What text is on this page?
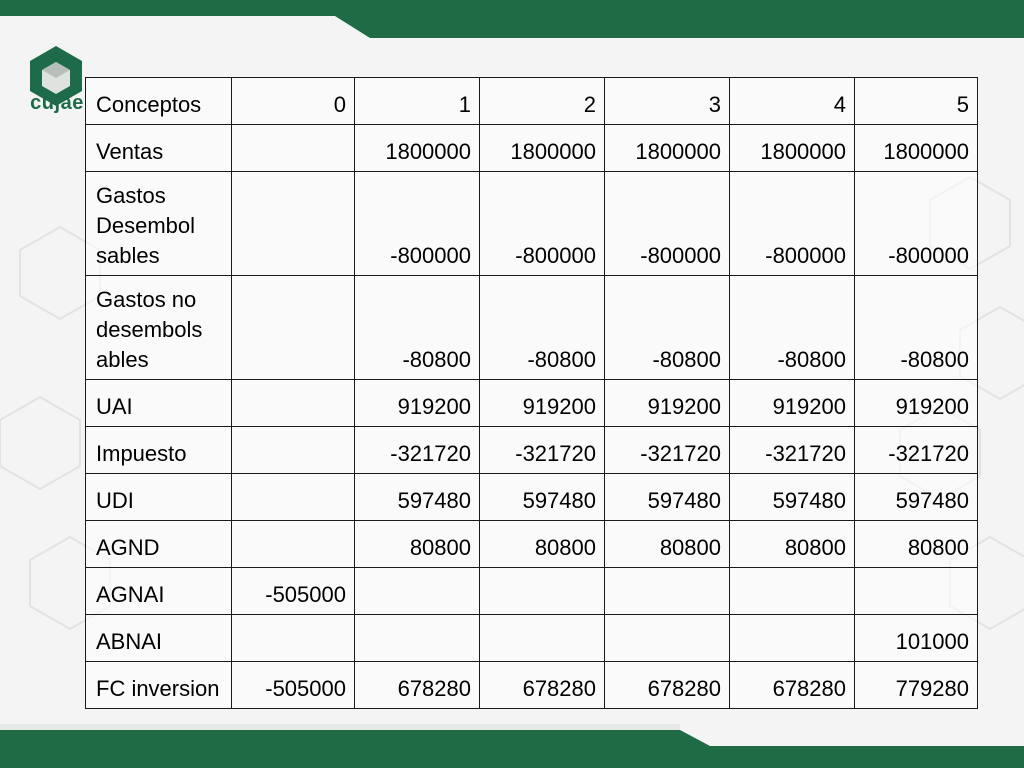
cujae Conceptos	0	1	2	3	4	5
Ventas		1800000	1800000	1800000	1800000	1800000
Gastos Desembol sables		-800000	-800000	-800000	-800000	-800000
Gastos no desembols ables		-80800	-80800	-80800	-80800	-80800
UAI		919200	919200	919200	919200	919200
Impuesto		-321720	-321720	-321720	-321720	-321720
UDI		597480	597480	597480	597480	597480
AGND		80800	80800	80800	80800	80800
AGNAI	-505000					
ABNAI						101000
FC inversion	-505000	678280	678280	678280	678280	779280
